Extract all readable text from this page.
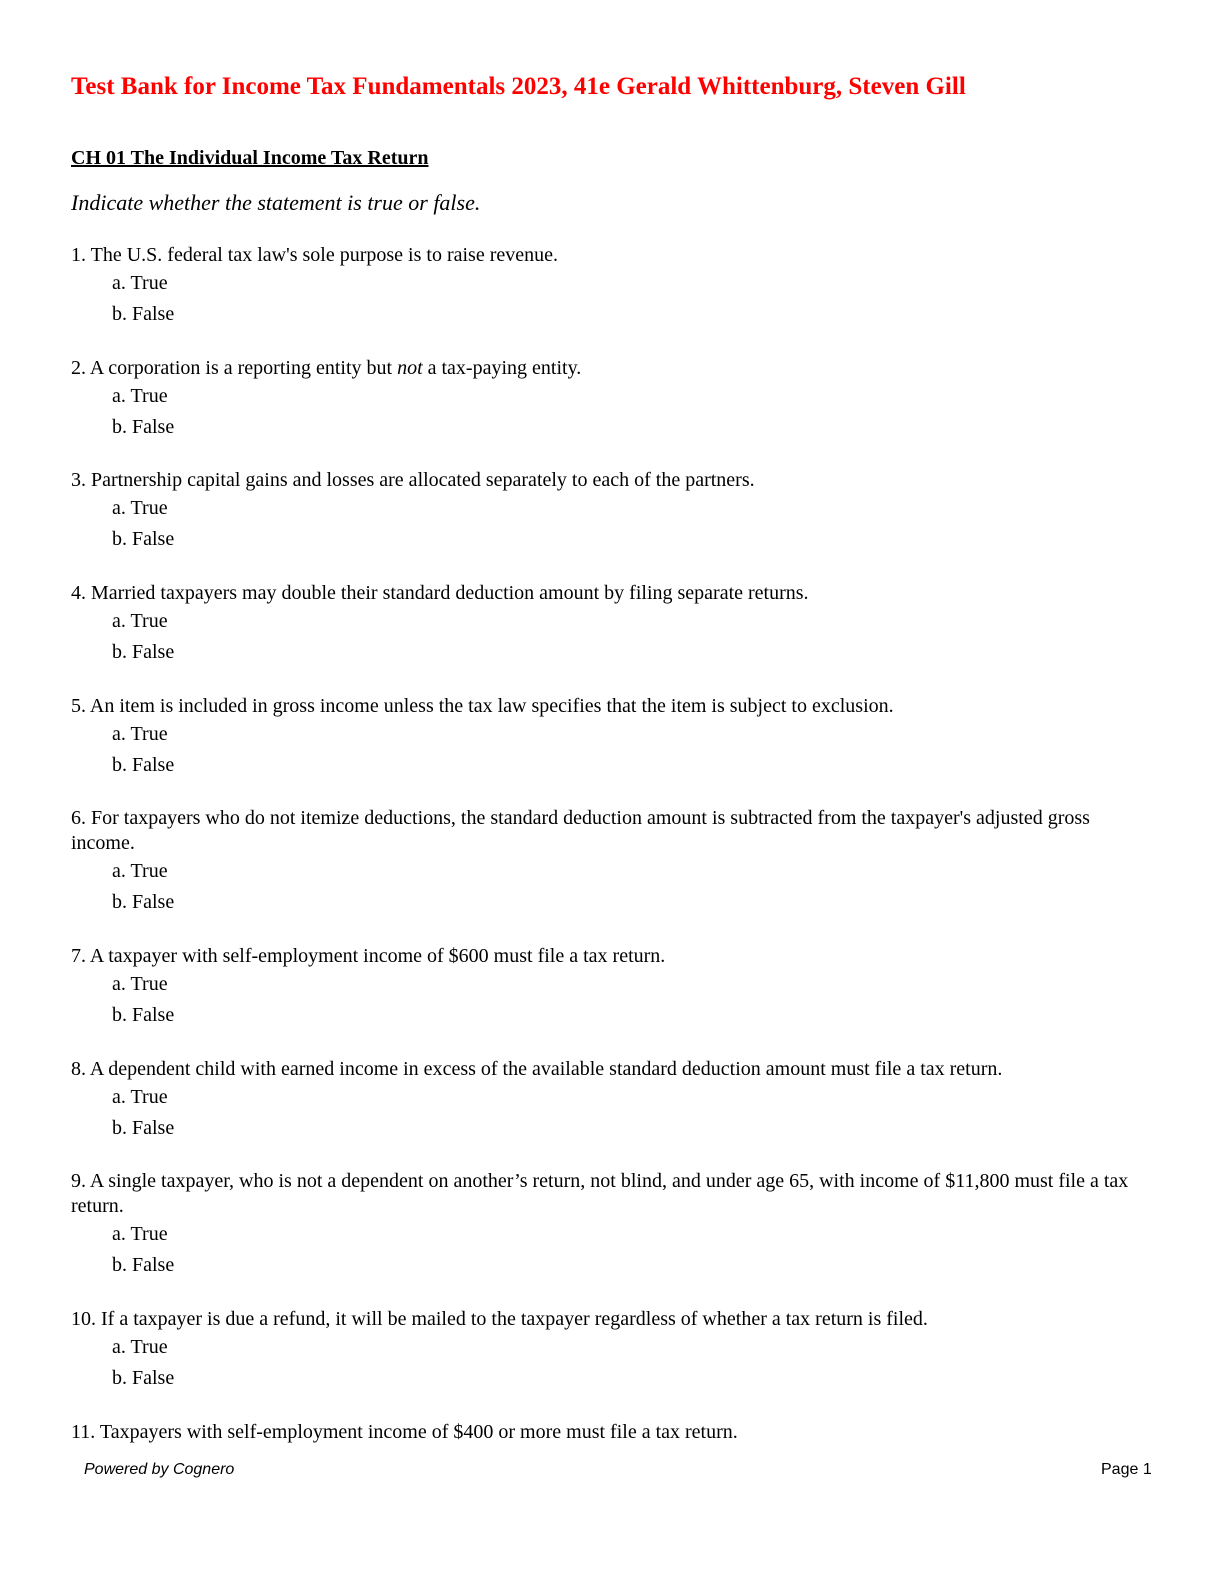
Test Bank for Income Tax Fundamentals 2023, 41e Gerald Whittenburg, Steven Gill
CH 01 The Individual Income Tax Return
Indicate whether the statement is true or false.

1. The U.S. federal tax law's sole purpose is to raise revenue.

a. True

b. False

2. A corporation is a reporting entity but not a tax-paying entity.

a. True

b. False

3. Partnership capital gains and losses are allocated separately to each of the partners.

a. True

b. False

4. Married taxpayers may double their standard deduction amount by filing separate returns.

a. True

b. False

5. An item is included in gross income unless the tax law specifies that the item is subject to exclusion.

a. True

b. False

6. For taxpayers who do not itemize deductions, the standard deduction amount is subtracted from the taxpayer's adjusted gross income.

a. True

b. False

7. A taxpayer with self-employment income of $600 must file a tax return.

a. True

b. False

8. A dependent child with earned income in excess of the available standard deduction amount must file a tax return.

a. True

b. False

9. A single taxpayer, who is not a dependent on another’s return, not blind, and under age 65, with income of $11,800 must file a tax return.

a. True

b. False

10. If a taxpayer is due a refund, it will be mailed to the taxpayer regardless of whether a tax return is filed.

a. True

b. False

11. Taxpayers with self-employment income of $400 or more must file a tax return.

Powered by Cognero	Page 1
